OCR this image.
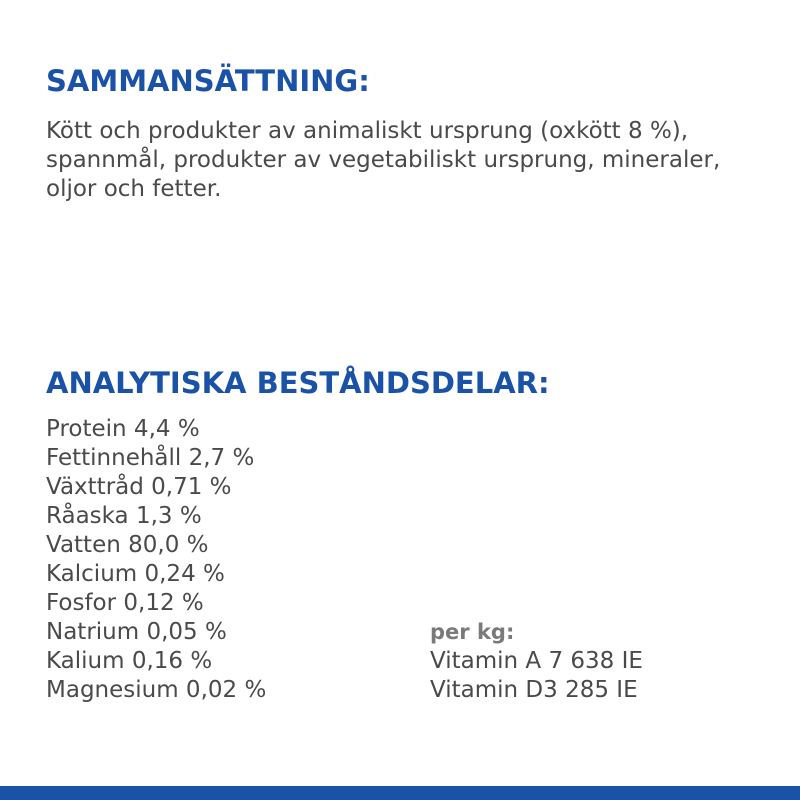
SAMMANSÄTTNING:

Kött och produkter av animaliskt ursprung (oxkött 8 %), spannmål, produkter av vegetabiliskt ursprung, mineraler, oljor och fetter.

ANALYTISKA BESTÅNDSDELAR:
Protein 4,4 %
Fettinnehåll 2,7 %
Växttråd 0,71 %
Råaska 1,3 %
Vatten 80,0 %
Kalcium 0,24 %
Fosfor 0,12 %
Natrium 0,05 %
Kalium 0,16 %
Magnesium 0,02 %
per kg:
Vitamin A 7 638 IE
Vitamin D3 285 IE
